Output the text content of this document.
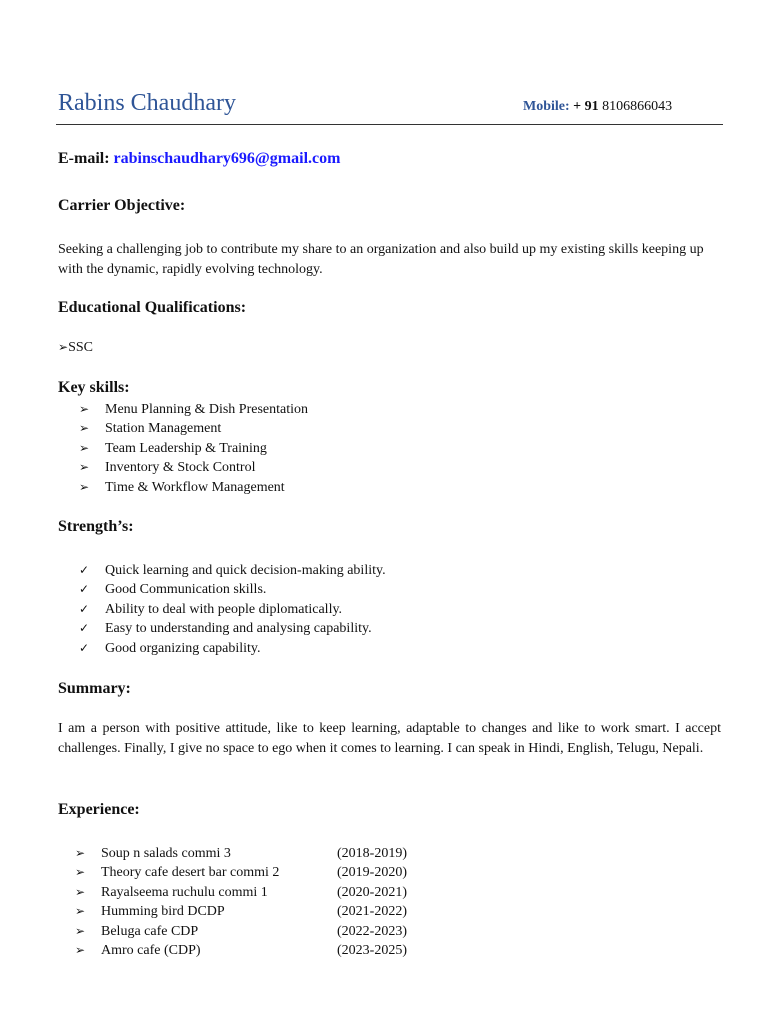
Rabins Chaudhary	Mobile: + 91 8106866043
E-mail: rabinschaudhary696@gmail.com
Carrier Objective:
Seeking a challenging job to contribute my share to an organization and also build up my existing skills keeping up with the dynamic, rapidly evolving technology.
Educational Qualifications:
➢SSC
Key skills:
➢ Menu Planning & Dish Presentation
➢ Station Management
➢ Team Leadership & Training
➢ Inventory & Stock Control
➢ Time & Workflow Management
Strength’s:
✓ Quick learning and quick decision-making ability.
✓ Good Communication skills.
✓ Ability to deal with people diplomatically.
✓ Easy to understanding and analysing capability.
✓ Good organizing capability.
Summary:
I am a person with positive attitude, like to keep learning, adaptable to changes and like to work smart. I accept challenges. Finally, I give no space to ego when it comes to learning. I can speak in Hindi, English, Telugu, Nepali.
Experience:
➢ Soup n salads commi 3	(2018-2019)
➢ Theory cafe desert bar commi 2	(2019-2020)
➢ Rayalseema ruchulu commi 1	(2020-2021)
➢ Humming bird DCDP	(2021-2022)
➢ Beluga cafe CDP	(2022-2023)
➢ Amro cafe (CDP)	(2023-2025)
